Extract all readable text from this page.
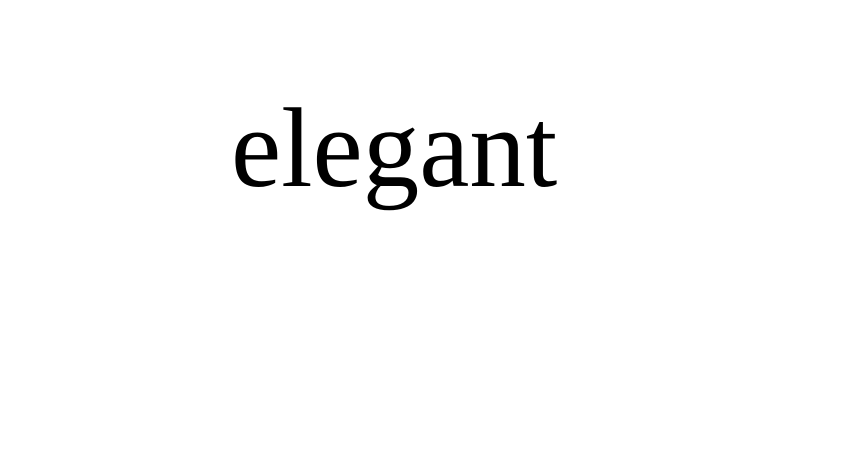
elegant
